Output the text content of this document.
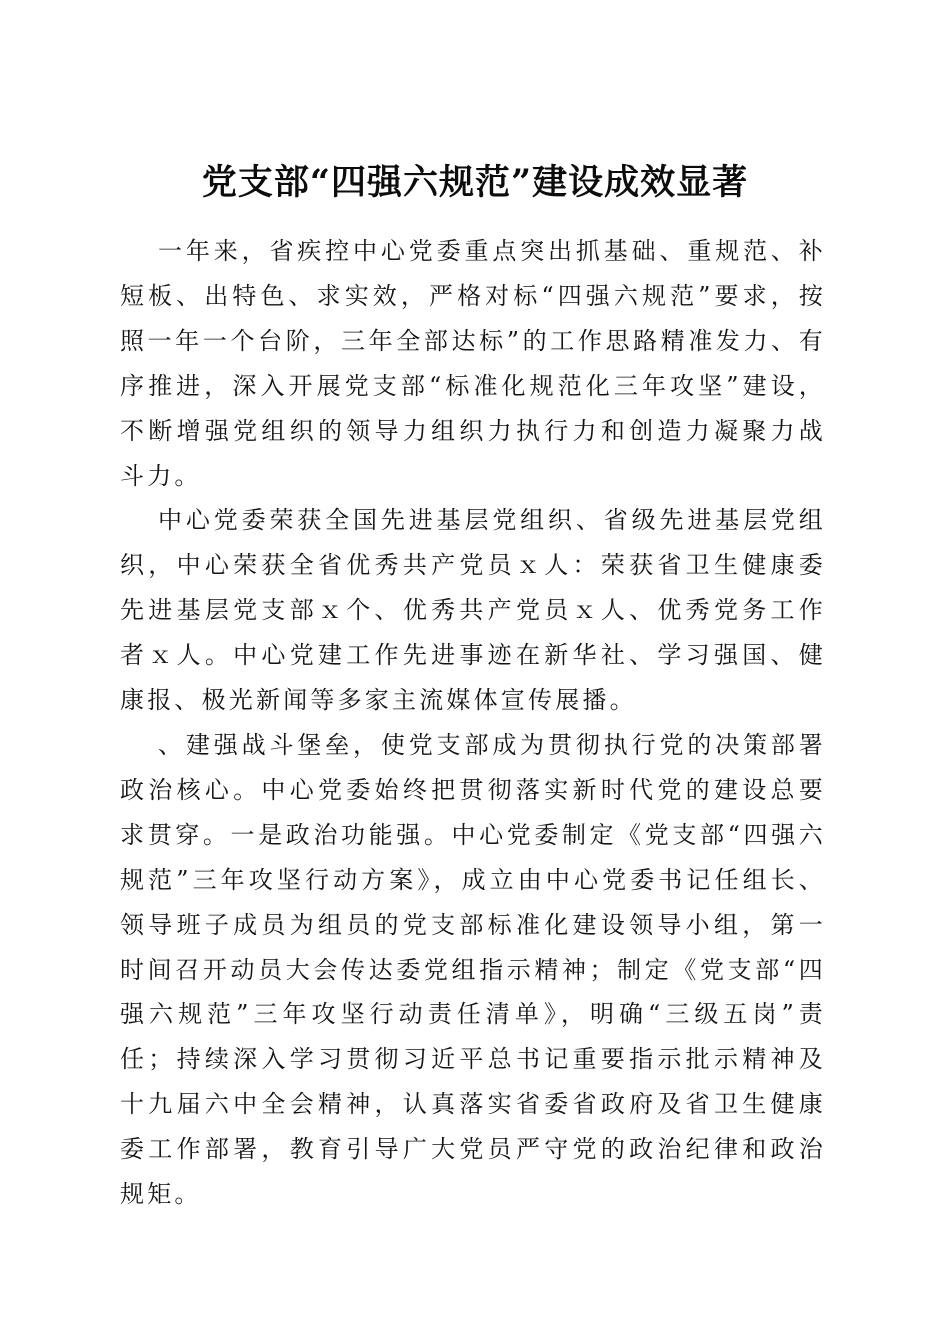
党支部“四强六规范”建设成效显著

一年来，省疾控中心党委重点突出抓基础、重规范、补短板、出特色、求实效，严格对标“四强六规范”要求，按照一年一个台阶，三年全部达标”的工作思路精准发力、有序推进，深入开展党支部“标准化规范化三年攻坚”建设，不断增强党组织的领导力组织力执行力和创造力凝聚力战斗力。

中心党委荣获全国先进基层党组织、省级先进基层党组织，中心荣获全省优秀共产党员ｘ人：荣获省卫生健康委先进基层党支部ｘ个、优秀共产党员ｘ人、优秀党务工作者ｘ人。中心党建工作先进事迹在新华社、学习强国、健康报、极光新闻等多家主流媒体宣传展播。

、建强战斗堡垒，使党支部成为贯彻执行党的决策部署政治核心。中心党委始终把贯彻落实新时代党的建设总要求贯穿。一是政治功能强。中心党委制定《党支部“四强六规范”三年攻坚行动方案》，成立由中心党委书记任组长、领导班子成员为组员的党支部标准化建设领导小组，第一时间召开动员大会传达委党组指示精神；制定《党支部“四强六规范”三年攻坚行动责任清单》，明确“三级五岗”责任；持续深入学习贯彻习近平总书记重要指示批示精神及十九届六中全会精神，认真落实省委省政府及省卫生健康委工作部署，教育引导广大党员严守党的政治纪律和政治规矩。
